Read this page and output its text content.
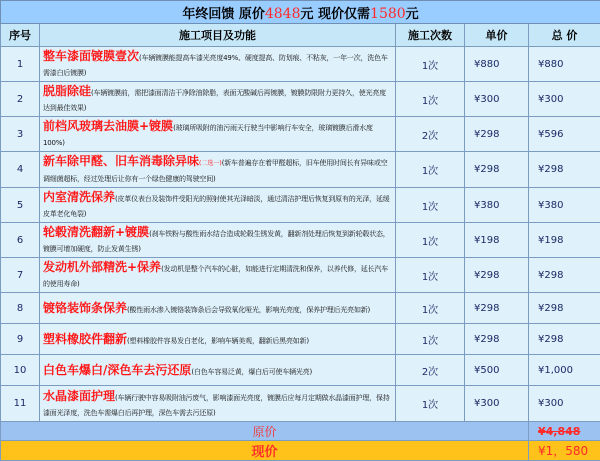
年终回馈 原价4848元 现价仅需1580元				
序号	施工项目及功能	施工次数	单价	总 价
1	整车漆面镀膜壹次(车辆镀膜能提高车漆光亮度49%、硬度提高、防划痕、不粘灰，一年一次，洗色车需漆白后镀膜)	1次	¥880	¥880
2	脱脂除硅(车辆镀膜前，需把漆面清洁干净除油除脂，表面无酸碱后再镀膜，镀膜防限附力更持久，使光亮度达到最佳效果)	1次	¥300	¥300
3	前档风玻璃去油膜+镀膜(玻璃所吸附的油污雨天行驶当中影响行车安全，玻璃镀膜后滑水度100%)	2次	¥298	¥596
4	新车除甲醛、旧车消毒除异味(二选一)(新车普遍存在着甲醛超标，旧车使用时间长有异味或空调细菌超标，经过处理后让你有一个绿色健康的驾驶空间)	1次	¥298	¥298
5	内室清洗保养(皮革仪表台及装饰件受阳光的照射使其光泽暗淡，通过清洁护理后恢复到原有的光泽，延缓皮革老化龟裂)	1次	¥380	¥380
6	轮毂清洗翻新+镀膜(刹车铁粉与酸性雨水结合造成轮毂生锈发黄，翻新剂处理后恢复到新轮毂状态，镀膜可增加硬度，防止发黄生锈)	1次	¥198	¥198
7	发动机外部精洗+保养(发动机是整个汽车的心脏，如能进行定期清洗和保养，以养代修，延长汽车的使用寿命)	1次	¥298	¥298
8	镀铬装饰条保养(酸性雨水渗入镀铬装饰条后会导致氧化哑光，影响光亮度，保养护理后光亮如新)	1次	¥298	¥298
9	塑料橡胶件翻新(塑料橡胶件容易发白老化，影响车辆美观，翻新后黑亮如新)	1次	¥298	¥298
10	白色车爆白/深色车去污还原(白色车容易泛黄，爆白后可使车辆光亮)	2次	¥500	¥1,000
11	水晶漆面护理(车辆行驶中容易吸附油污废气，影响漆面光亮度，镀膜后应每月定期做水晶漆面护理，保持漆面光泽度，洗色车需爆白后再护理，深色车需去污还原)	1次	¥300	¥300
原价				¥4,848
现价				¥1，580
